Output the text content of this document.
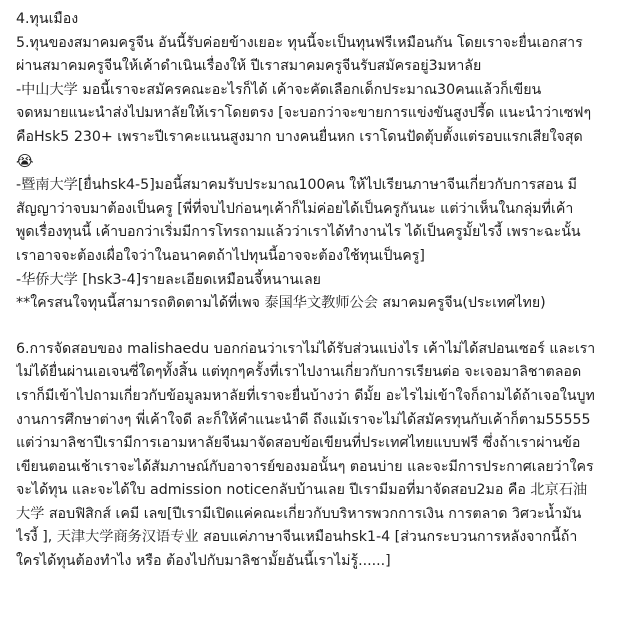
4.ทุนเมือง
5.ทุนของสมาคมครูจีน อันนี้รับค่อยข้างเยอะ ทุนนี้จะเป็นทุนฟรีเหมือนกัน โดยเราจะยื่นเอกสาร
ผ่านสมาคมครูจีนให้เค้าดำเนินเรื่องให้ ปีเราสมาคมครูจีนรับสมัครอยู่3มหาลัย
-中山大学 มอนี้เราจะสมัครคณะอะไรก็ได้ เค้าจะคัดเลือกเด็กประมาณ30คนแล้วก็เขียน
จดหมายแนะนำส่งไปมหาลัยให้เราโดยตรง [จะบอกว่าจะขายการแข่งขันสูงปรี้ด แนะนำว่าเซฟๆ
คือHsk5 230+ เพราะปีเราคะแนนสูงมาก บางคนยื่นหก เราโดนปัดตุ้บตั้งแต่รอบแรกเสียใจสุด
😭
-暨南大学[ยื่นhsk4-5]มอนี้สมาคมรับประมาณ100คน ให้ไปเรียนภาษาจีนเกี่ยวกับการสอน มี
สัญญาว่าจบมาต้องเป็นครู [พี่ที่จบไปก่อนๆเค้าก็ไม่ค่อยได้เป็นครูกันนะ แต่ว่าเห็นในกลุ่มที่เค้า
พูดเรื่องทุนนี้ เค้าบอกว่าเริ่มมีการโทรถามแล้วว่าเราได้ทำงานไร ได้เป็นครูมั้ยไรงี้ เพราะฉะนั้น
เราอาจจะต้องเผื่อใจว่าในอนาคตถ้าไปทุนนี้อาจจะต้องใช้ทุนเป็นครู]
-华侨大学 [hsk3-4]รายละเอียดเหมือนจี้หนานเลย
**ใครสนใจทุนนี้สามารถติดตามได้ที่เพจ 泰国华文教师公会 สมาคมครูจีน(ประเทศไทย)
6.การจัดสอบของ malishaedu บอกก่อนว่าเราไม่ได้รับส่วนแบ่งไร เค้าไม่ได้สปอนเซอร์ และเรา
ไม่ได้ยื่นผ่านเอเจนซี่ใดๆทั้งสิ้น แต่ทุกๆครั้งที่เราไปงานเกี่ยวกับการเรียนต่อ จะเจอมาลิชาตลอด
เราก็มีเข้าไปถามเกี่ยวกับข้อมูลมหาลัยที่เราจะยื่นบ้างว่า ดีมั้ย อะไรไม่เข้าใจก็ถามได้ถ้าเจอในบูท
งานการศึกษาต่างๆ พี่เค้าใจดี ละก็ให้คำแนะนำดี ถึงแม้เราจะไม่ได้สมัครทุนกับเค้าก็ตาม55555
แต่ว่ามาลิชาปีเรามีการเอามหาลัยจีนมาจัดสอบข้อเขียนที่ประเทศไทยแบบฟรี ซึ่งถ้าเราผ่านข้อ
เขียนตอนเช้าเราจะได้สัมภาษณ์กับอาจารย์ของมอนั้นๆ ตอนบ่าย และจะมีการประกาศเลยว่าใคร
จะได้ทุน และจะได้ใบ admission noticeกลับบ้านเลย ปีเรามีมอที่มาจัดสอบ2มอ คือ 北京石油
大学 สอบฟิสิกส์ เคมี เลข[ปีเรามีเปิดแค่คณะเกี่ยวกับบริหารพวกการเงิน การตลาด วิศวะน้ำมัน
ไรงี้ ], 天津大学商务汉语专业 สอบแค่ภาษาจีนเหมือนhsk1-4 [ส่วนกระบวนการหลังจากนี้ถ้า
ใครได้ทุนต้องทำไง หรือ ต้องไปกับมาลิชามั้ยอันนี้เราไม่รู้......]
